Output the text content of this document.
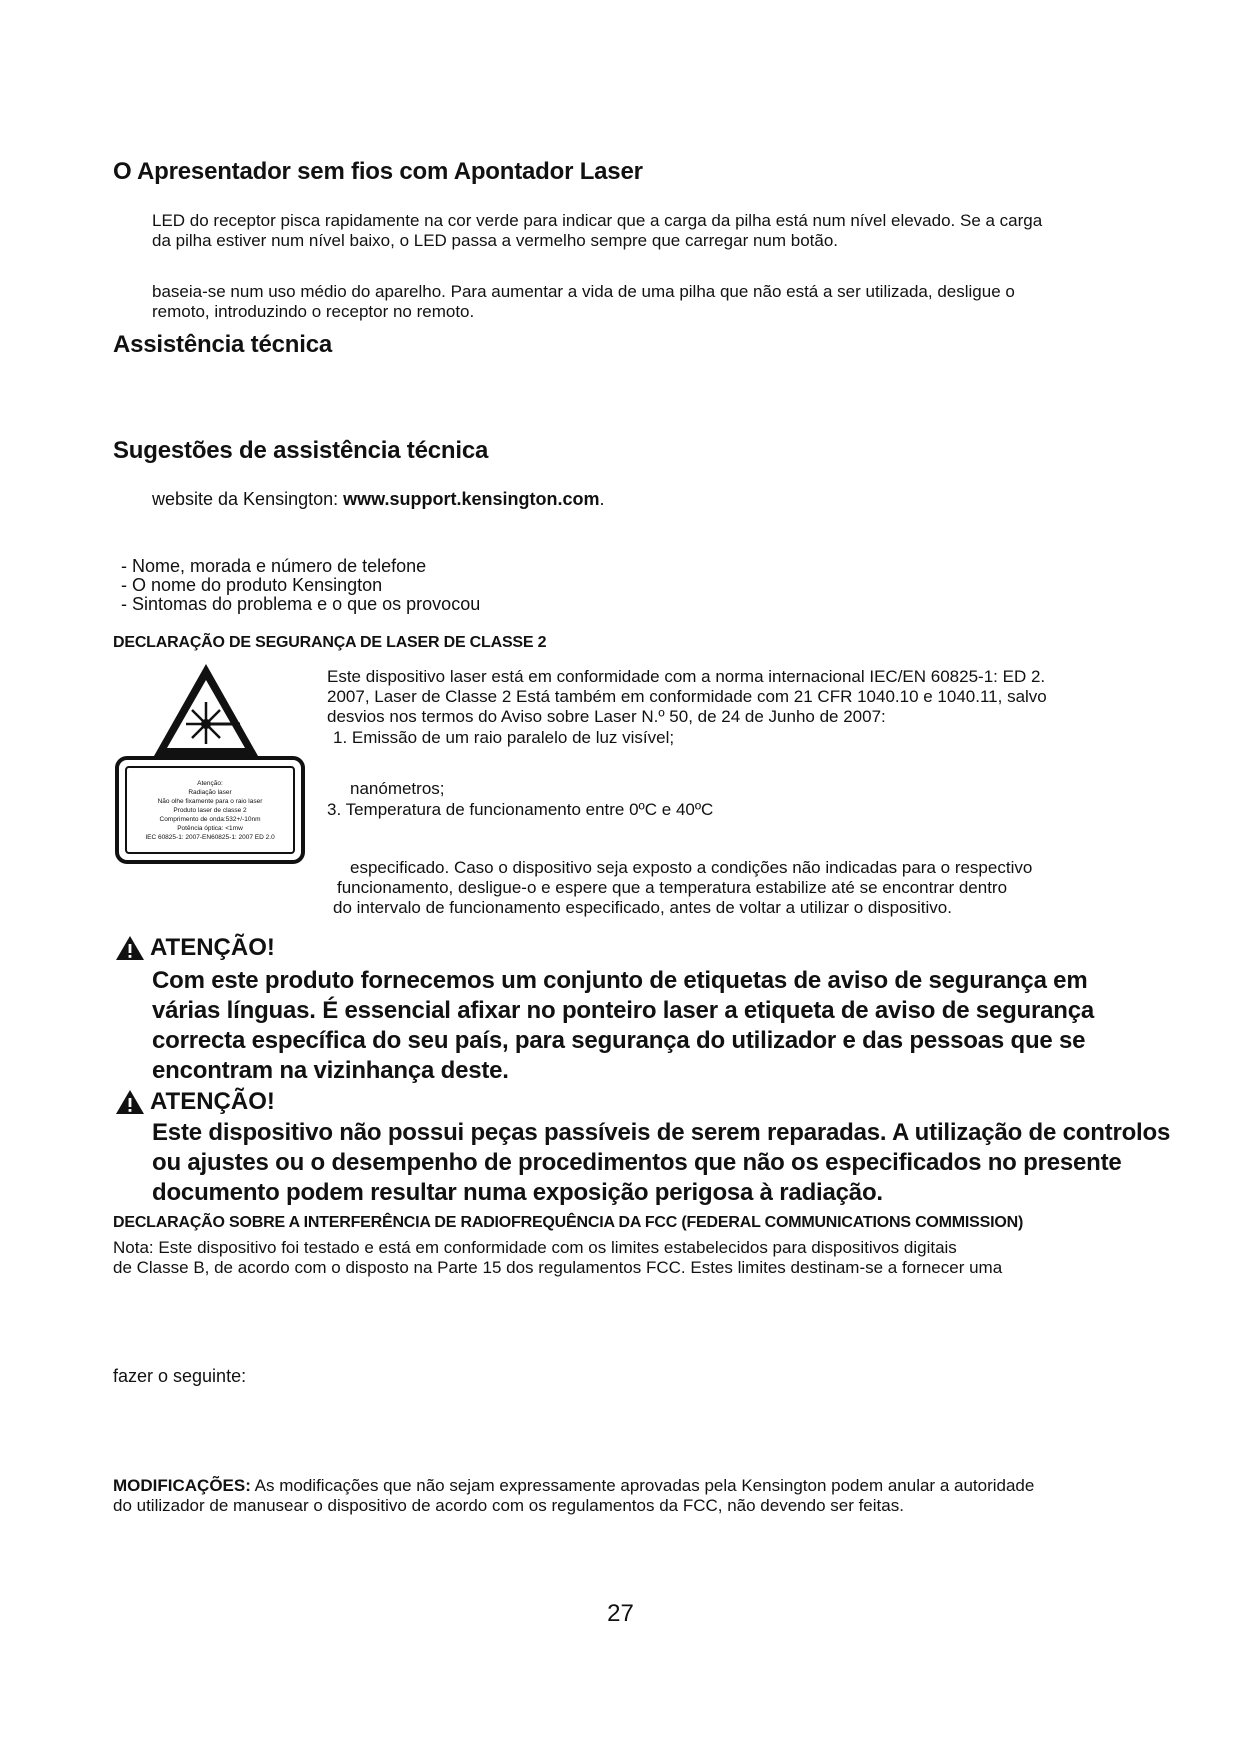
O Apresentador sem fios com Apontador Laser
LED do receptor pisca rapidamente na cor verde para indicar que a carga da pilha está num nível elevado. Se a carga
da pilha estiver num nível baixo, o LED passa a vermelho sempre que carregar num botão.
baseia-se num uso médio do aparelho. Para aumentar a vida de uma pilha que não está a ser utilizada, desligue o
remoto, introduzindo o receptor no remoto.
Assistência técnica
Sugestões de assistência técnica
website da Kensington: www.support.kensington.com.
- Nome, morada e número de telefone
- O nome do produto Kensington
- Sintomas do problema e o que os provocou
DECLARAÇÃO DE SEGURANÇA DE LASER DE CLASSE 2
Atenção:
Radiação laser
Não olhe fixamente para o raio laser
Produto laser de classe 2
Comprimento de onda:532+/-10nm
Potência óptica: <1mw
IEC 60825-1: 2007-EN60825-1: 2007 ED 2.0
Este dispositivo laser está em conformidade com a norma internacional IEC/EN 60825-1: ED 2.
2007, Laser de Classe 2 Está também em conformidade com 21 CFR 1040.10 e 1040.11, salvo
desvios nos termos do Aviso sobre Laser N.º 50, de 24 de Junho de 2007:
1. Emissão de um raio paralelo de luz visível;
nanómetros;
3. Temperatura de funcionamento entre 0ºC e 40ºC
especificado. Caso o dispositivo seja exposto a condições não indicadas para o respectivo
funcionamento, desligue-o e espere que a temperatura estabilize até se encontrar dentro
do intervalo de funcionamento especificado, antes de voltar a utilizar o dispositivo.
ATENÇÃO!
Com este produto fornecemos um conjunto de etiquetas de aviso de segurança em
várias línguas. É essencial afixar no ponteiro laser a etiqueta de aviso de segurança
correcta específica do seu país, para segurança do utilizador e das pessoas que se
encontram na vizinhança deste.
ATENÇÃO!
Este dispositivo não possui peças passíveis de serem reparadas. A utilização de controlos
ou ajustes ou o desempenho de procedimentos que não os especificados no presente
documento podem resultar numa exposição perigosa à radiação.
DECLARAÇÃO SOBRE A INTERFERÊNCIA DE RADIOFREQUÊNCIA DA FCC (FEDERAL COMMUNICATIONS COMMISSION)
Nota: Este dispositivo foi testado e está em conformidade com os limites estabelecidos para dispositivos digitais
de Classe B, de acordo com o disposto na Parte 15 dos regulamentos FCC. Estes limites destinam-se a fornecer uma
fazer o seguinte:
MODIFICAÇÕES: As modificações que não sejam expressamente aprovadas pela Kensington podem anular a autoridade
do utilizador de manusear o dispositivo de acordo com os regulamentos da FCC, não devendo ser feitas.
27
